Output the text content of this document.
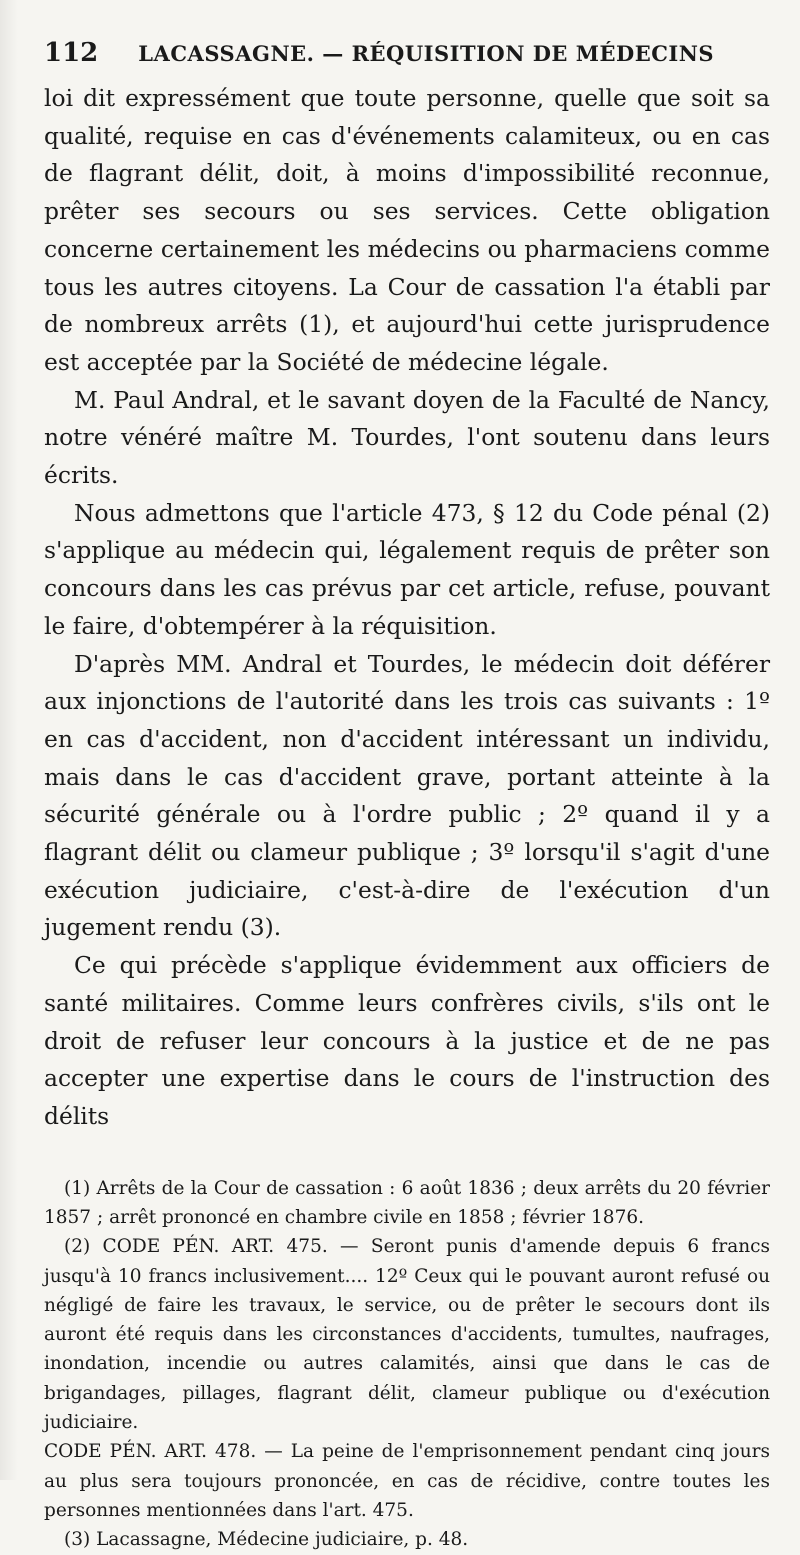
112 LACASSAGNE. — RÉQUISITION DE MÉDECINS

loi dit expressément que toute personne, quelle que soit sa qualité, requise en cas d'événements calamiteux, ou en cas de flagrant délit, doit, à moins d'impossibilité reconnue, prêter ses secours ou ses services. Cette obligation concerne certainement les médecins ou pharmaciens comme tous les autres citoyens. La Cour de cassation l'a établi par de nombreux arrêts (1), et aujourd'hui cette jurisprudence est acceptée par la Société de médecine légale.

M. Paul Andral, et le savant doyen de la Faculté de Nancy, notre vénéré maître M. Tourdes, l'ont soutenu dans leurs écrits.

Nous admettons que l'article 473, § 12 du Code pénal (2) s'applique au médecin qui, légalement requis de prêter son concours dans les cas prévus par cet article, refuse, pouvant le faire, d'obtempérer à la réquisition.

D'après MM. Andral et Tourdes, le médecin doit déférer aux injonctions de l'autorité dans les trois cas suivants : 1º en cas d'accident, non d'accident intéressant un individu, mais dans le cas d'accident grave, portant atteinte à la sécurité générale ou à l'ordre public ; 2º quand il y a flagrant délit ou clameur publique ; 3º lorsqu'il s'agit d'une exécution judiciaire, c'est-à-dire de l'exécution d'un jugement rendu (3).

Ce qui précède s'applique évidemment aux officiers de santé militaires. Comme leurs confrères civils, s'ils ont le droit de refuser leur concours à la justice et de ne pas accepter une expertise dans le cours de l'instruction des délits

(1) Arrêts de la Cour de cassation : 6 août 1836 ; deux arrêts du 20 février 1857 ; arrêt prononcé en chambre civile en 1858 ; février 1876.

(2) CODE PÉN. ART. 475. — Seront punis d'amende depuis 6 francs jusqu'à 10 francs inclusivement.... 12º Ceux qui le pouvant auront refusé ou négligé de faire les travaux, le service, ou de prêter le secours dont ils auront été requis dans les circonstances d'accidents, tumultes, naufrages, inondation, incendie ou autres calamités, ainsi que dans le cas de brigandages, pillages, flagrant délit, clameur publique ou d'exécution judiciaire.

CODE PÉN. ART. 478. — La peine de l'emprisonnement pendant cinq jours au plus sera toujours prononcée, en cas de récidive, contre toutes les personnes mentionnées dans l'art. 475.

(3) Lacassagne, Médecine judiciaire, p. 48.
